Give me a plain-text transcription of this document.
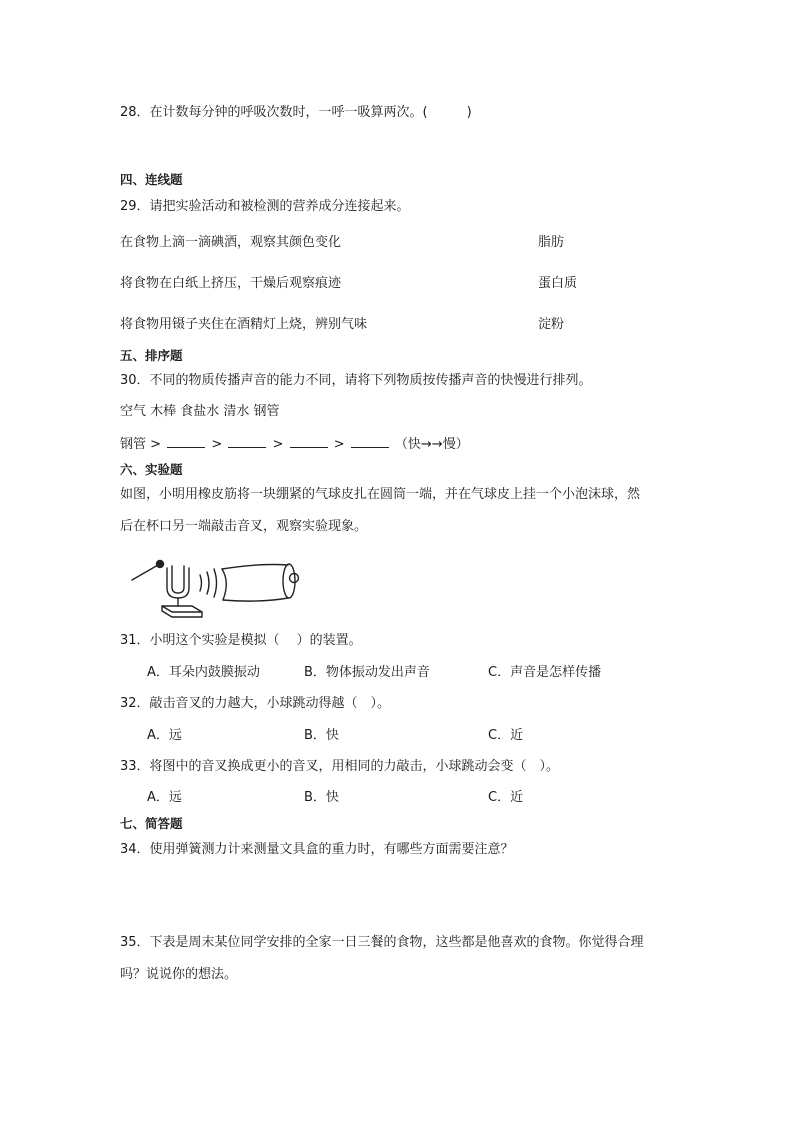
28．在计数每分钟的呼吸次数时，一呼一吸算两次。(　　　)
四、连线题
29．请把实验活动和被检测的营养成分连接起来。
在食物上滴一滴碘酒，观察其颜色变化	脂肪
将食物在白纸上挤压，干燥后观察痕迹	蛋白质
将食物用镊子夹住在酒精灯上烧，辨别气味	淀粉
五、排序题
30．不同的物质传播声音的能力不同，请将下列物质按传播声音的快慢进行排列。
空气 木棒 食盐水 清水 钢管
钢管 >	>	>	>	（快→→慢）
六、实验题
如图，小明用橡皮筋将一块绷紧的气球皮扎在圆筒一端，并在气球皮上挂一个小泡沫球，然
后在杯口另一端敲击音叉，观察实验现象。
31．小明这个实验是模拟（　 ）的装置。
A．耳朵内鼓膜振动	B．物体振动发出声音	C．声音是怎样传播
32．敲击音叉的力越大，小球跳动得越（　）。
A．远	B．快	C．近
33．将图中的音叉换成更小的音叉，用相同的力敲击，小球跳动会变（　）。
A．远	B．快	C．近
七、简答题
34．使用弹簧测力计来测量文具盒的重力时，有哪些方面需要注意？
35．下表是周末某位同学安排的全家一日三餐的食物，这些都是他喜欢的食物。你觉得合理
吗？说说你的想法。
